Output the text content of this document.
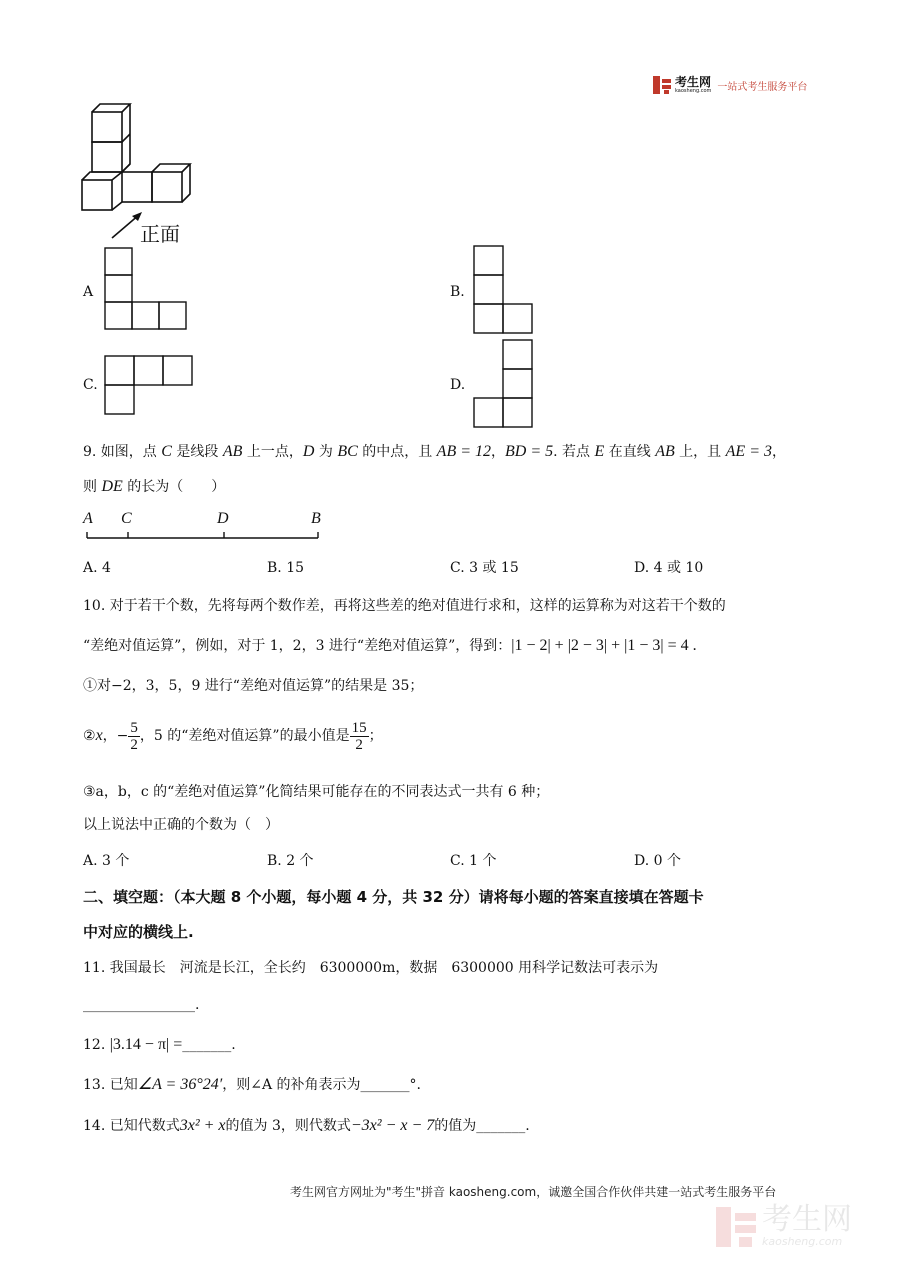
考生网
kaosheng.com 一站式考生服务平台
正面
A	B.
C.	D.
9. 如图，点 C 是线段 AB 上一点，D 为 BC 的中点，且 AB = 12，BD = 5. 若点 E 在直线 AB 上，且 AE = 3，
则 DE 的长为（　　）
A C	D	B
A. 4	B. 15	C. 3 或 15	D. 4 或 10
10. 对于若干个数，先将每两个数作差，再将这些差的绝对值进行求和，这样的运算称为对这若干个数的
“差绝对值运算”，例如，对于 1，2，3 进行“差绝对值运算”，得到：|1 − 2| + |2 − 3| + |1 − 3| = 4 .
①对−2，3，5，9 进行“差绝对值运算”的结果是 35；
②x，− $\frac{5}{2}$ ，5 的“差绝对值运算”的最小值是 $\frac{15}{2}$ ；
③a，b，c 的“差绝对值运算”化简结果可能存在的不同表达式一共有 6 种；
以上说法中正确的个数为（　）
A. 3 个	B. 2 个	C. 1 个	D. 0 个
二、填空题：（本大题 8 个小题，每小题 4 分，共 32 分）请将每小题的答案直接填在答题卡
中对应的横线上.
11. 我国最长　河流是长江，全长约　6300000m，数据　6300000 用科学记数法可表示为
________________.
12. |3.14 − π| =_______.
13. 已知∠A = 36°24′，则∠A 的补角表示为_______°.
14. 已知代数式3x² + x的值为 3，则代数式−3x² − x − 7的值为_______.
考生网官方网址为"考生"拼音 kaosheng.com，诚邀全国合作伙伴共建一站式考生服务平台
考生网
kaosheng.com
